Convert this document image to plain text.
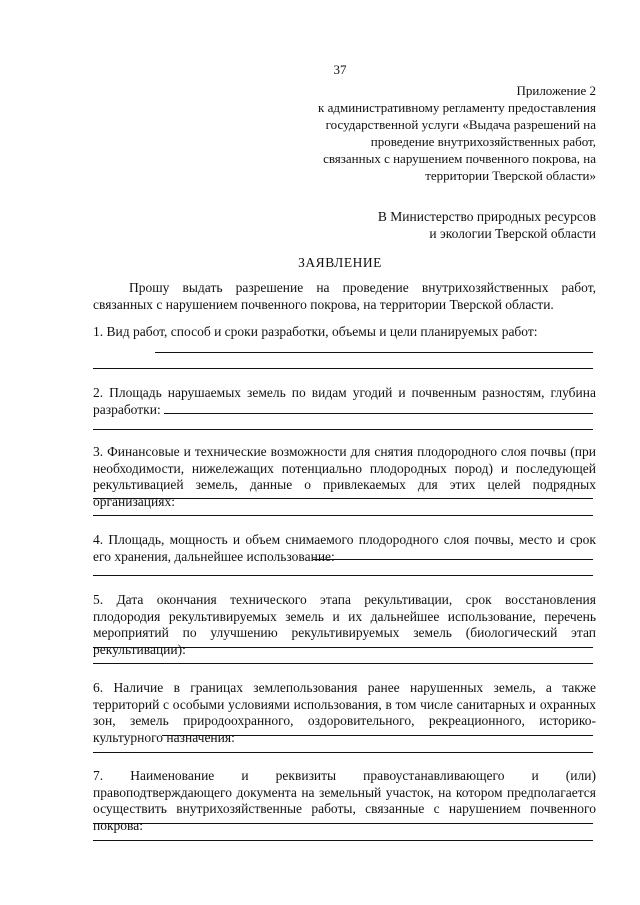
37
Приложение 2
к административному регламенту предоставления
государственной услуги «Выдача разрешений на
проведение внутрихозяйственных работ,
связанных с нарушением почвенного покрова, на
территории Тверской области»
В Министерство природных ресурсов
и экологии Тверской области
ЗАЯВЛЕНИЕ
Прошу выдать разрешение на проведение внутрихозяйственных работ, связанных с нарушением почвенного покрова, на территории Тверской области.
1. Вид работ, способ и сроки разработки, объемы и цели планируемых работ:
2. Площадь нарушаемых земель по видам угодий и почвенным разностям, глубина разработки:
3. Финансовые и технические возможности для снятия плодородного слоя почвы (при необходимости, нижележащих потенциально плодородных пород) и последующей рекультивацией земель, данные о привлекаемых для этих целей подрядных организациях:
4. Площадь, мощность и объем снимаемого плодородного слоя почвы, место и срок его хранения, дальнейшее использование:
5. Дата окончания технического этапа рекультивации, срок восстановления плодородия рекультивируемых земель и их дальнейшее использование, перечень мероприятий по улучшению рекультивируемых земель (биологический этап рекультивации):
6. Наличие в границах землепользования ранее нарушенных земель, а также территорий с особыми условиями использования, в том числе санитарных и охранных зон, земель природоохранного, оздоровительного, рекреационного, историко-культурного назначения:
7. Наименование и реквизиты правоустанавливающего и (или) правоподтверждающего документа на земельный участок, на котором предполагается осуществить внутрихозяйственные работы, связанные с нарушением почвенного покрова:
